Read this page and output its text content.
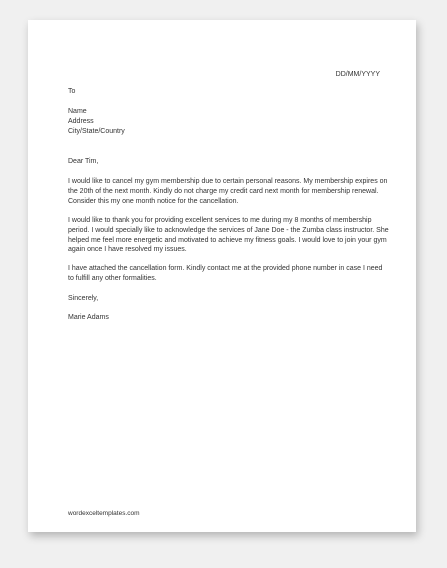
DD/MM/YYYY
To
Name
Address
City/State/Country
Dear Tim,
I would like to cancel my gym membership due to certain personal reasons. My membership expires on the 20th of the next month. Kindly do not charge my credit card next month for membership renewal. Consider this my one month notice for the cancellation.
I would like to thank you for providing excellent services to me during my 8 months of membership period. I would specially like to acknowledge the services of Jane Doe - the Zumba class instructor. She helped me feel more energetic and motivated to achieve my fitness goals. I would love to join your gym again once I have resolved my issues.
I have attached the cancellation form. Kindly contact me at the provided phone number in case I need to fulfill any other formalities.
Sincerely,
Marie Adams
wordexceltemplates.com
